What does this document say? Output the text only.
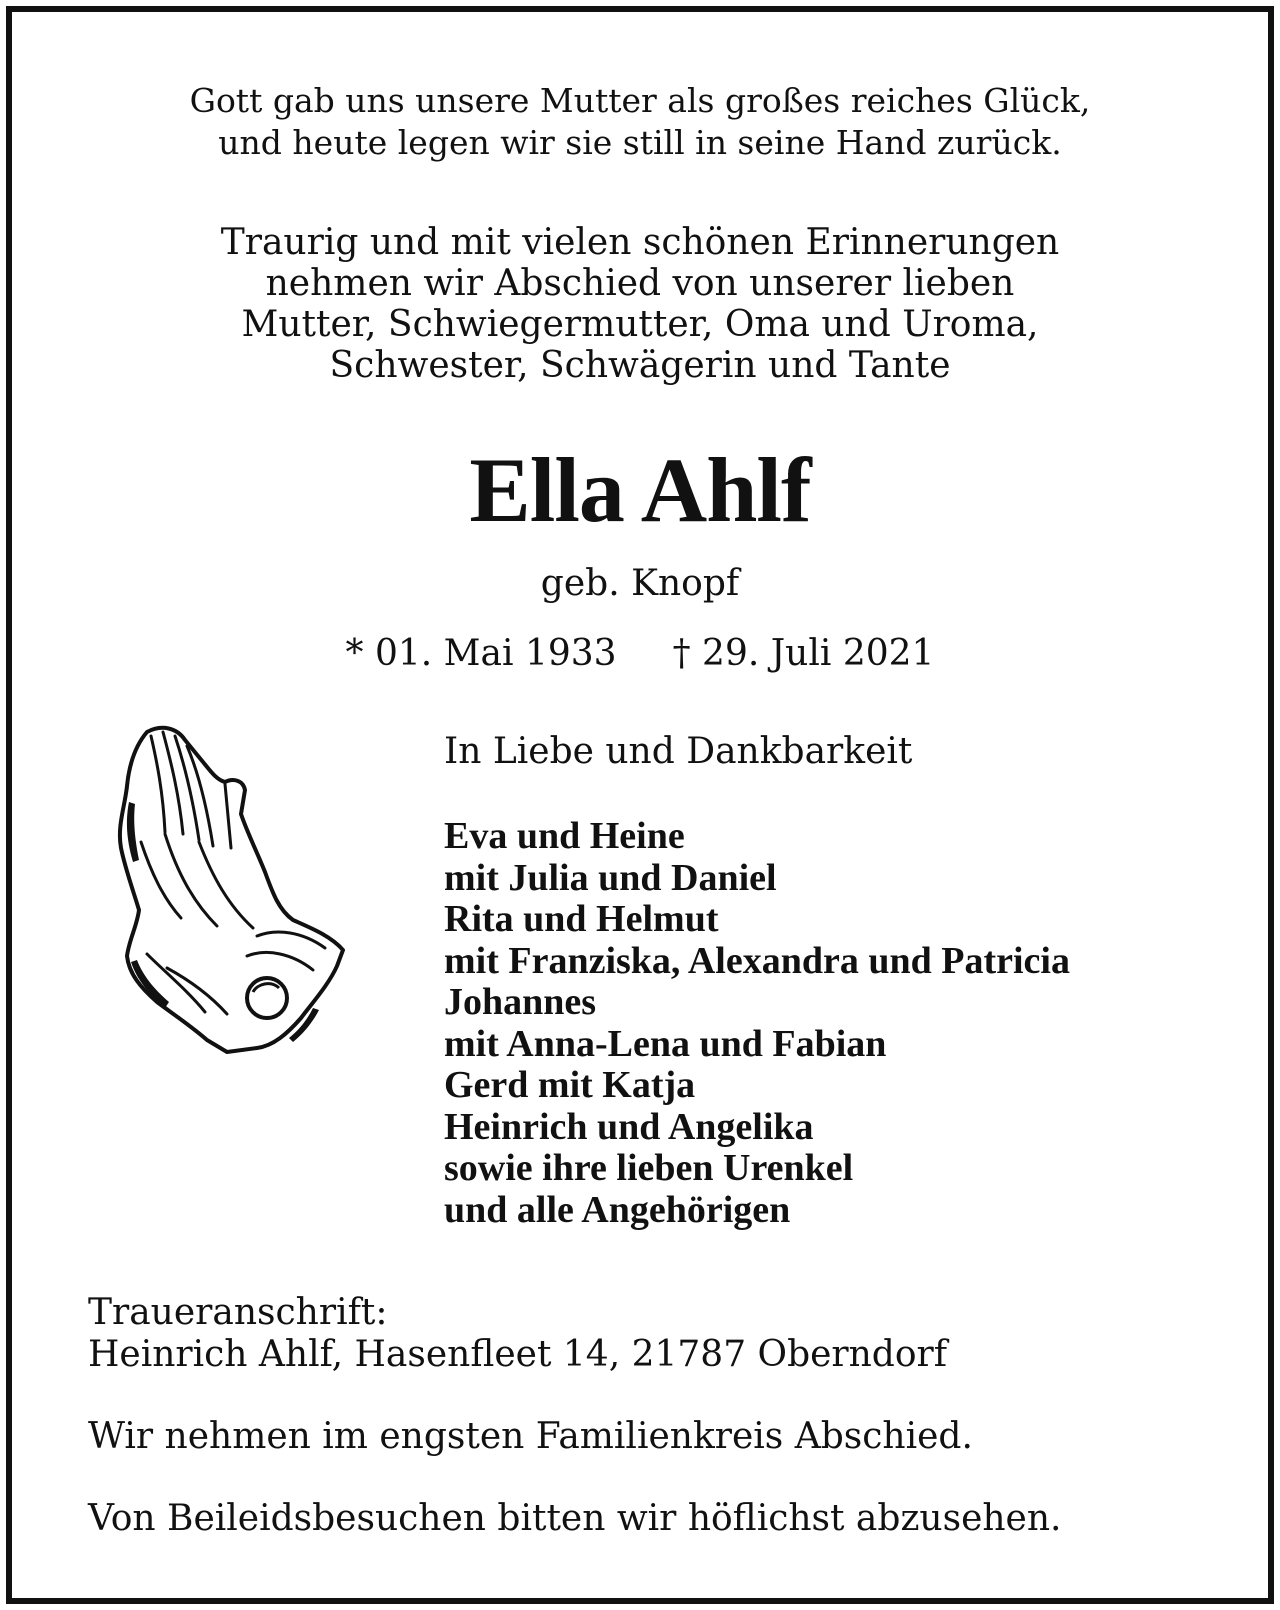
Gott gab uns unsere Mutter als großes reiches Glück,
und heute legen wir sie still in seine Hand zurück.
Traurig und mit vielen schönen Erinnerungen
nehmen wir Abschied von unserer lieben
Mutter, Schwiegermutter, Oma und Uroma,
Schwester, Schwägerin und Tante
Ella Ahlf
geb. Knopf
* 01. Mai 1933 † 29. Juli 2021

In Liebe und Dankbarkeit

Eva und Heine
mit Julia und Daniel
Rita und Helmut
mit Franziska, Alexandra und Patricia
Johannes
mit Anna-Lena und Fabian
Gerd mit Katja
Heinrich und Angelika
sowie ihre lieben Urenkel
und alle Angehörigen

Traueranschrift:

Heinrich Ahlf, Hasenfleet 14, 21787 Oberndorf

Wir nehmen im engsten Familienkreis Abschied.

Von Beileidsbesuchen bitten wir höflichst abzusehen.
